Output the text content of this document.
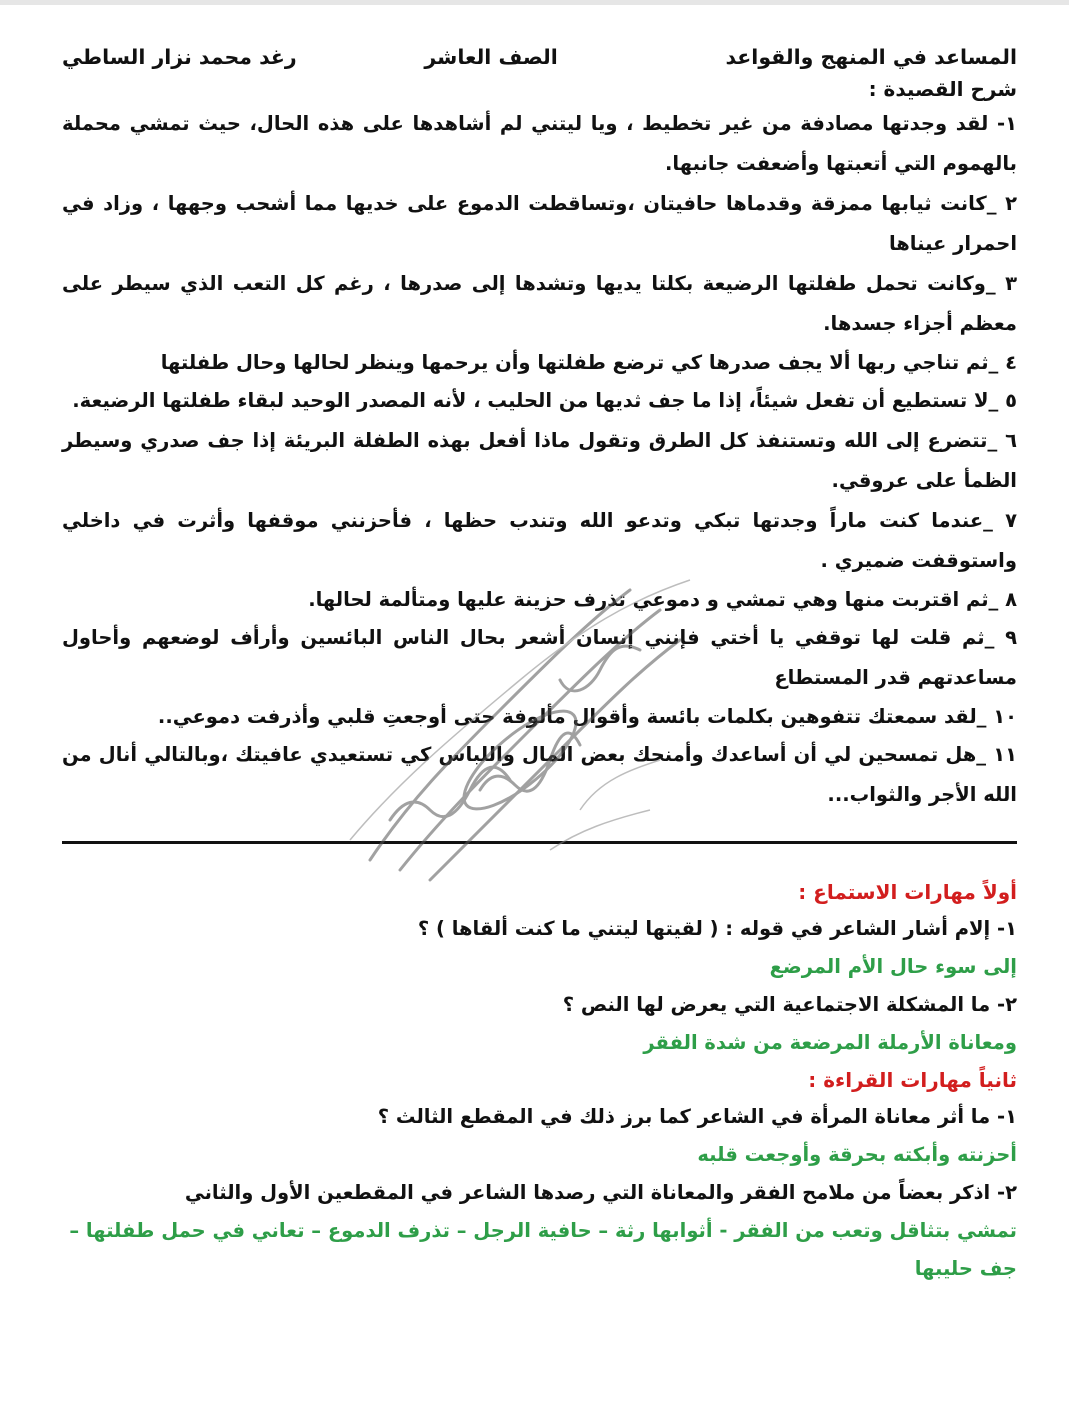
المساعد في المنهج والقواعد
الصف العاشر
رغد محمد نزار الساطي
شرح القصيدة :
١- لقد وجدتها مصادفة من غير تخطيط ، ويا ليتني لم أشاهدها على هذه الحال، حيث تمشي محملة بالهموم التي أتعبتها وأضعفت جانبها.
٢ _كانت ثيابها ممزقة وقدماها حافيتان ،وتساقطت الدموع على خديها مما أشحب وجهها ، وزاد في احمرار عيناها
٣ _وكانت تحمل طفلتها الرضيعة بكلتا يديها وتشدها إلى صدرها ، رغم كل التعب الذي سيطر على معظم أجزاء جسدها.
٤ _ثم تناجي ربها ألا يجف صدرها كي ترضع طفلتها وأن يرحمها وينظر لحالها وحال طفلتها
٥ _لا تستطيع أن تفعل شيئاً، إذا ما جف ثديها من الحليب ، لأنه المصدر الوحيد لبقاء طفلتها الرضيعة.
٦ _تتضرع إلى الله وتستنفذ كل الطرق وتقول ماذا أفعل بهذه الطفلة البريئة إذا جف صدري وسيطر الظمأ على عروقي.
٧ _عندما كنت ماراً وجدتها تبكي وتدعو الله وتندب حظها ، فأحزنني موقفها وأثرت في داخلي واستوقفت ضميري .
٨ _ثم اقتربت منها وهي تمشي و دموعي تذرف حزينة عليها ومتألمة لحالها.
٩ _ثم قلت لها توقفي يا أختي فإنني إنسان أشعر بحال الناس البائسين وأرأف لوضعهم وأحاول مساعدتهم قدر المستطاع
١٠ _لقد سمعتك تتفوهين بكلمات بائسة وأقوال مألوفة حتى أوجعتِ قلبي وأذرفت دموعي..
١١ _هل تمسحين لي أن أساعدك وأمنحك بعض المال واللباس كي تستعيدي عافيتك ،وبالتالي أنال من الله الأجر والثواب...
أولاً مهارات الاستماع :
١- إلام أشار الشاعر في قوله : ( لقيتها ليتني ما كنت ألقاها ) ؟
إلى سوء حال الأم المرضع
٢- ما المشكلة الاجتماعية التي يعرض لها النص ؟
ومعاناة الأرملة المرضعة من شدة الفقر
ثانياً مهارات القراءة :
١- ما أثر معاناة المرأة في الشاعر كما برز ذلك في المقطع الثالث ؟
أحزنته وأبكته بحرقة وأوجعت قلبه
٢- اذكر بعضاً من ملامح الفقر والمعاناة التي رصدها الشاعر في المقطعين الأول والثاني
تمشي بتثاقل وتعب من الفقر - أثوابها رثة – حافية الرجل – تذرف الدموع – تعاني في حمل طفلتها – جف حليبها
